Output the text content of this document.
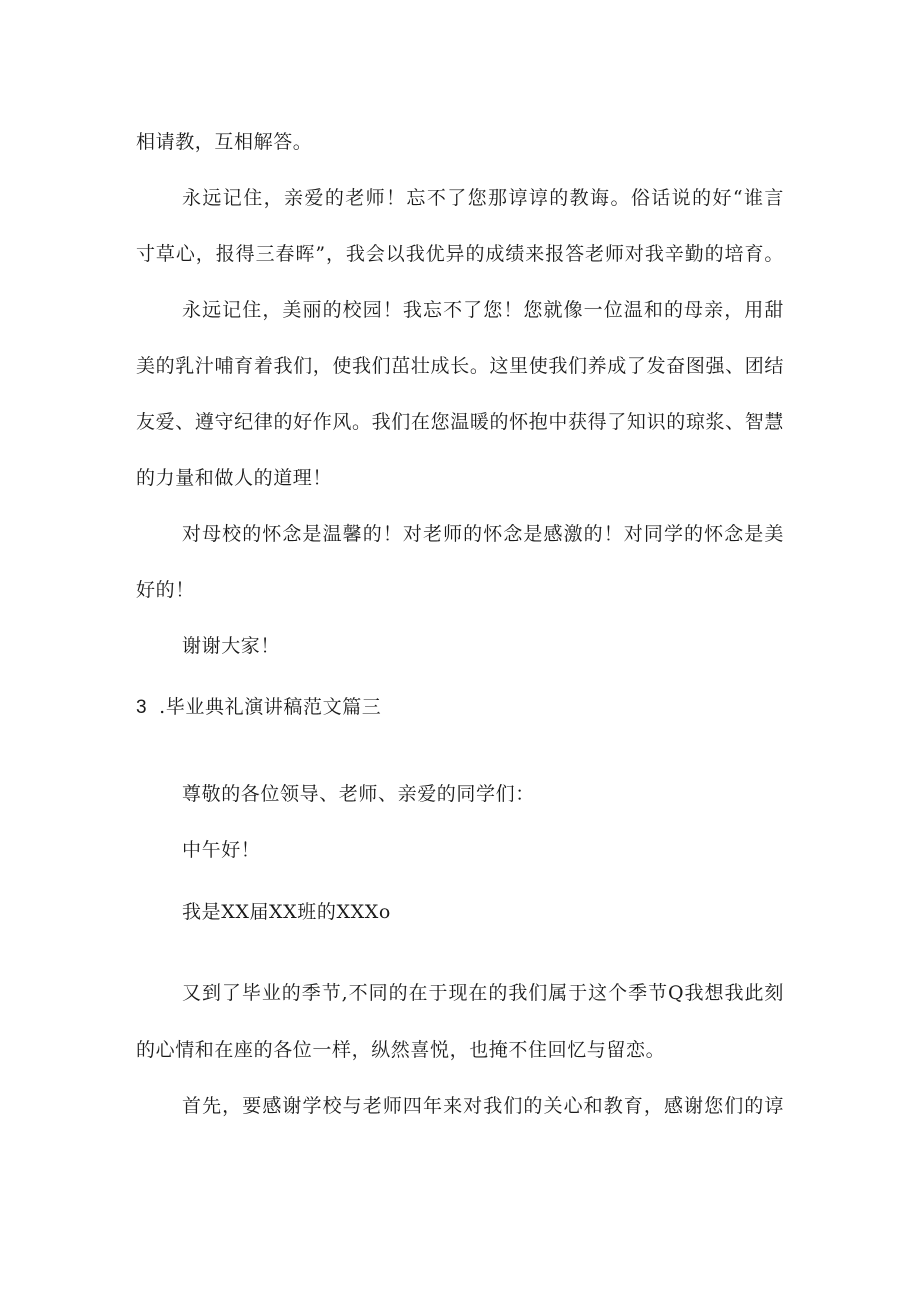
相请教，互相解答。
永远记住，亲爱的老师！忘不了您那谆谆的教诲。俗话说的好“谁言
寸草心，报得三春晖”，我会以我优异的成绩来报答老师对我辛勤的培育。
永远记住，美丽的校园！我忘不了您！您就像一位温和的母亲，用甜
美的乳汁哺育着我们，使我们茁壮成长。这里使我们养成了发奋图强、团结
友爱、遵守纪律的好作风。我们在您温暖的怀抱中获得了知识的琼浆、智慧
的力量和做人的道理！
对母校的怀念是温馨的！对老师的怀念是感激的！对同学的怀念是美
好的！
谢谢大家！
3 .毕业典礼演讲稿范文篇三
尊敬的各位领导、老师、亲爱的同学们：
中午好！
我是XX届XX班的XXXo
又到了毕业的季节,不同的在于现在的我们属于这个季节Q我想我此刻
的心情和在座的各位一样，纵然喜悦，也掩不住回忆与留恋。
首先，要感谢学校与老师四年来对我们的关心和教育，感谢您们的谆
